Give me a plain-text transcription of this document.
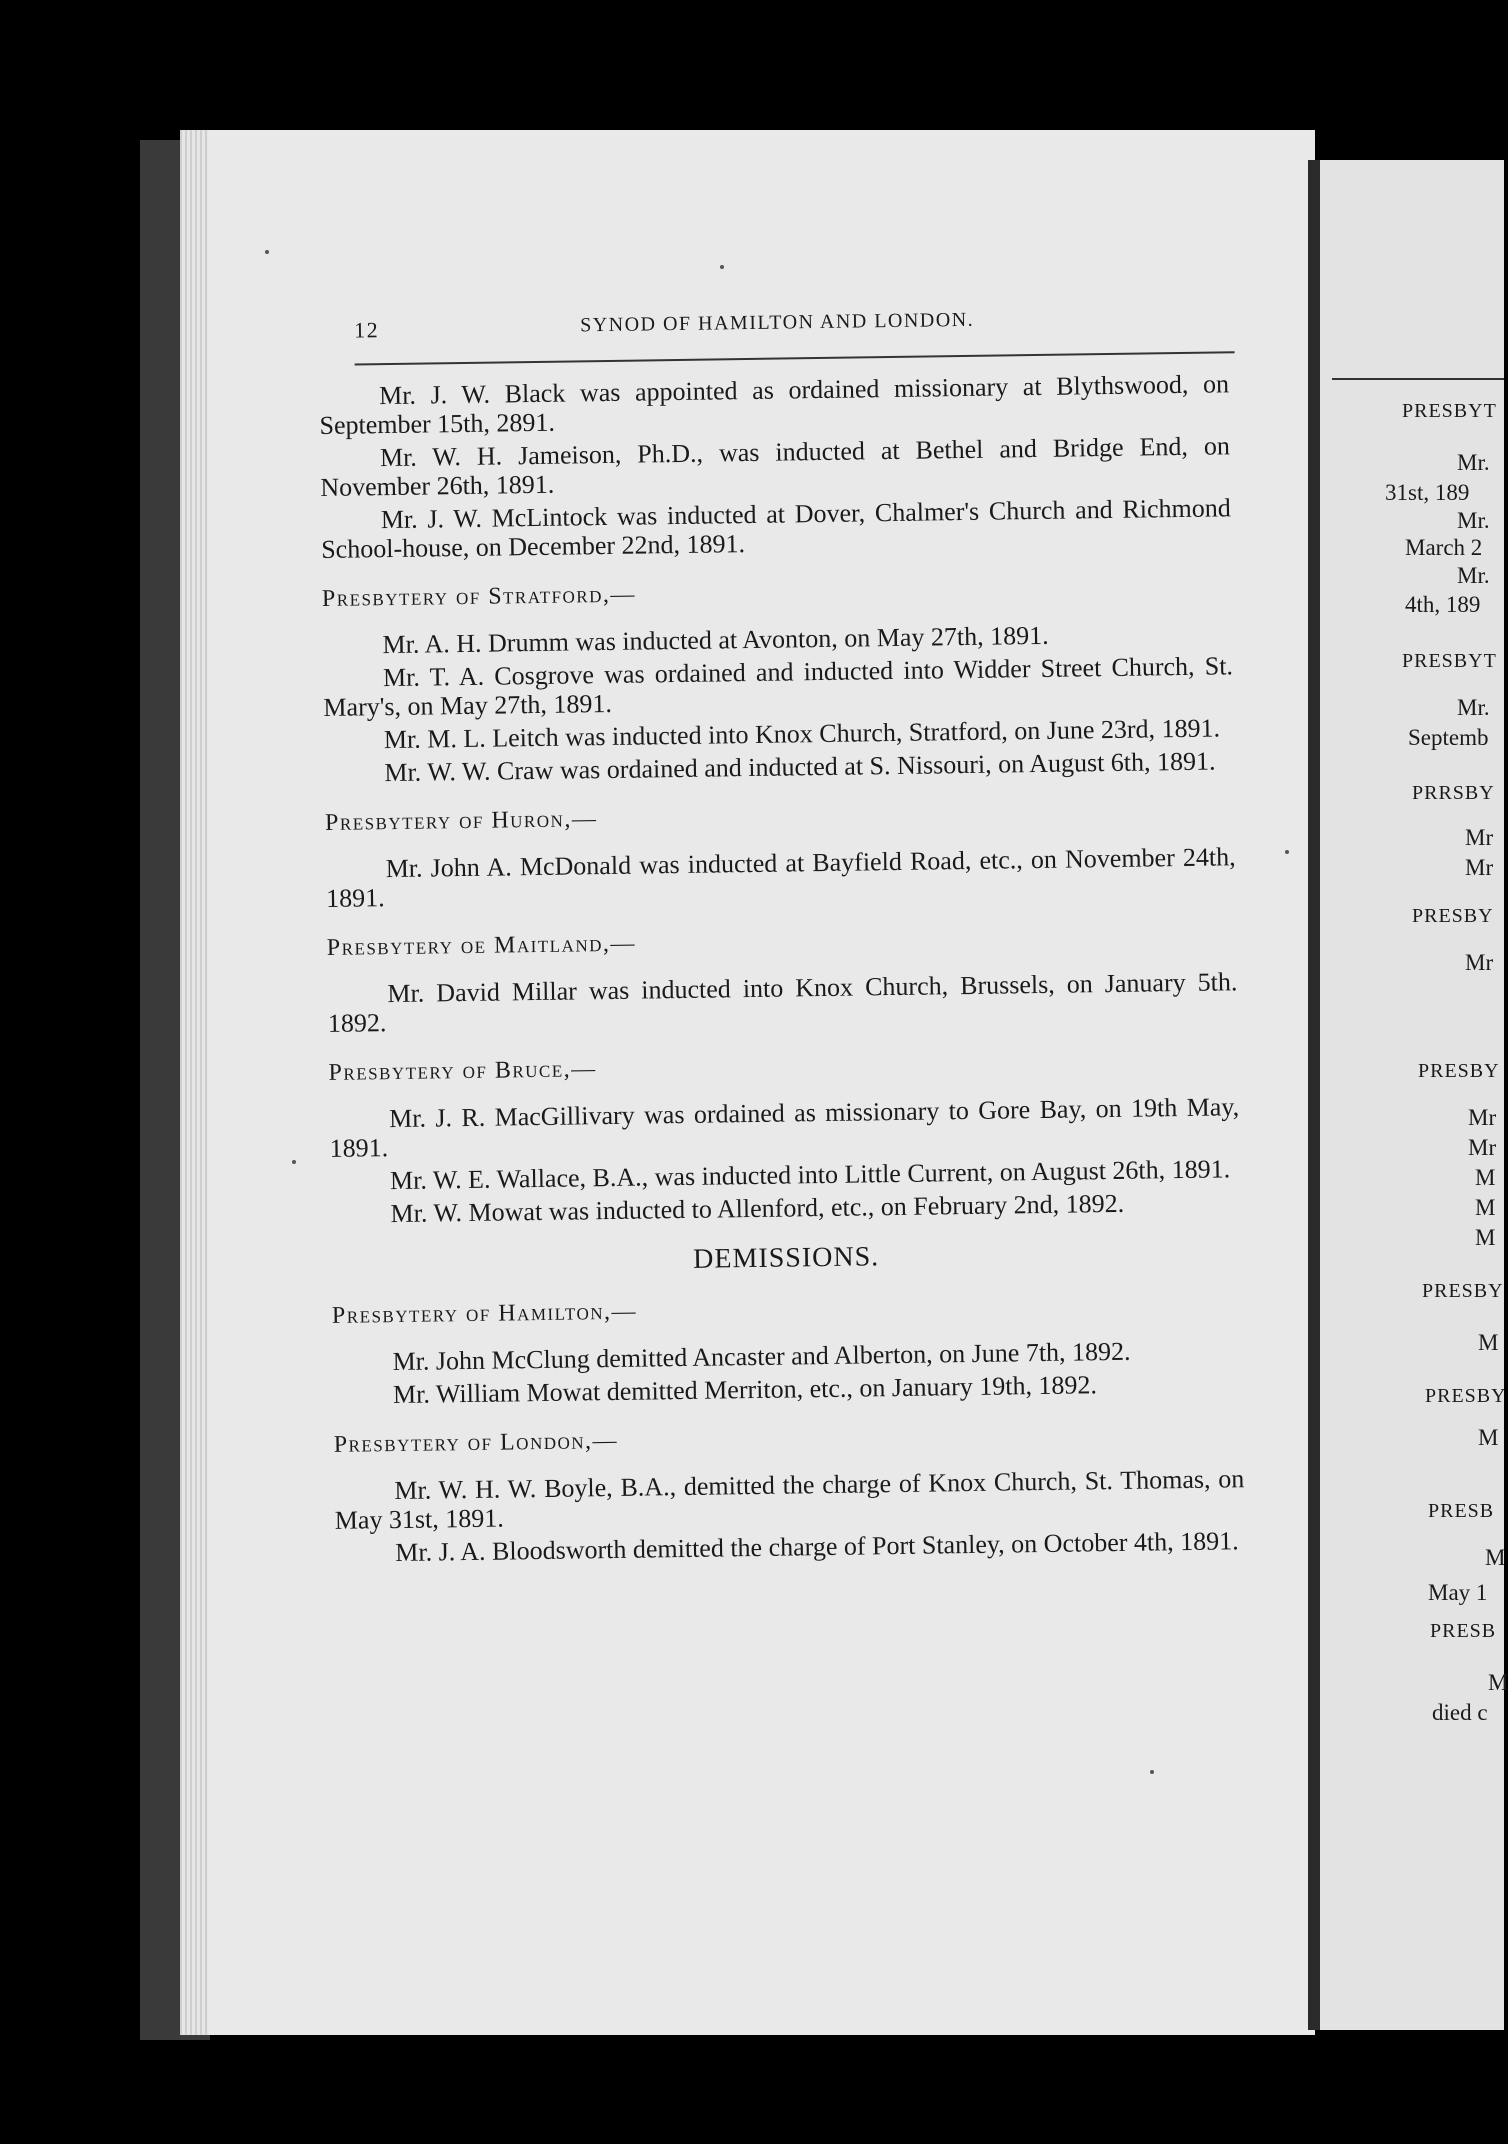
12	SYNOD OF HAMILTON AND LONDON.

Mr. J. W. Black was appointed as ordained missionary at Blythswood, on September 15th, 2891.

Mr. W. H. Jameison, Ph.D., was inducted at Bethel and Bridge End, on November 26th, 1891.

Mr. J. W. McLintock was inducted at Dover, Chalmer's Church and Richmond School-house, on December 22nd, 1891.

Presbytery of Stratford,—

Mr. A. H. Drumm was inducted at Avonton, on May 27th, 1891.

Mr. T. A. Cosgrove was ordained and inducted into Widder Street Church, St. Mary's, on May 27th, 1891.

Mr. M. L. Leitch was inducted into Knox Church, Stratford, on June 23rd, 1891.

Mr. W. W. Craw was ordained and inducted at S. Nissouri, on August 6th, 1891.

Presbytery of Huron,—

Mr. John A. McDonald was inducted at Bayfield Road, etc., on November 24th, 1891.

Presbytery oe Maitland,—

Mr. David Millar was inducted into Knox Church, Brussels, on January 5th. 1892.

Presbytery of Bruce,—

Mr. J. R. MacGillivary was ordained as missionary to Gore Bay, on 19th May, 1891.

Mr. W. E. Wallace, B.A., was inducted into Little Current, on August 26th, 1891.

Mr. W. Mowat was inducted to Allenford, etc., on February 2nd, 1892.

DEMISSIONS.
Presbytery of Hamilton,—

Mr. John McClung demitted Ancaster and Alberton, on June 7th, 1892.

Mr. William Mowat demitted Merriton, etc., on January 19th, 1892.

Presbytery of London,—

Mr. W. H. W. Boyle, B.A., demitted the charge of Knox Church, St. Thomas, on May 31st, 1891.

Mr. J. A. Bloodsworth demitted the charge of Port Stanley, on October 4th, 1891.

PRESBYT
Mr.
31st, 189
Mr.
March 2
Mr.
4th, 189
PRESBYT
Mr.
Septemb
PRRSBY
Mr
Mr
PRESBY
Mr
PRESBY
Mr
Mr
M
M
M
PRESBY
M
PRESBY
M
PRESB
M
May 1
PRESB
M
died c
